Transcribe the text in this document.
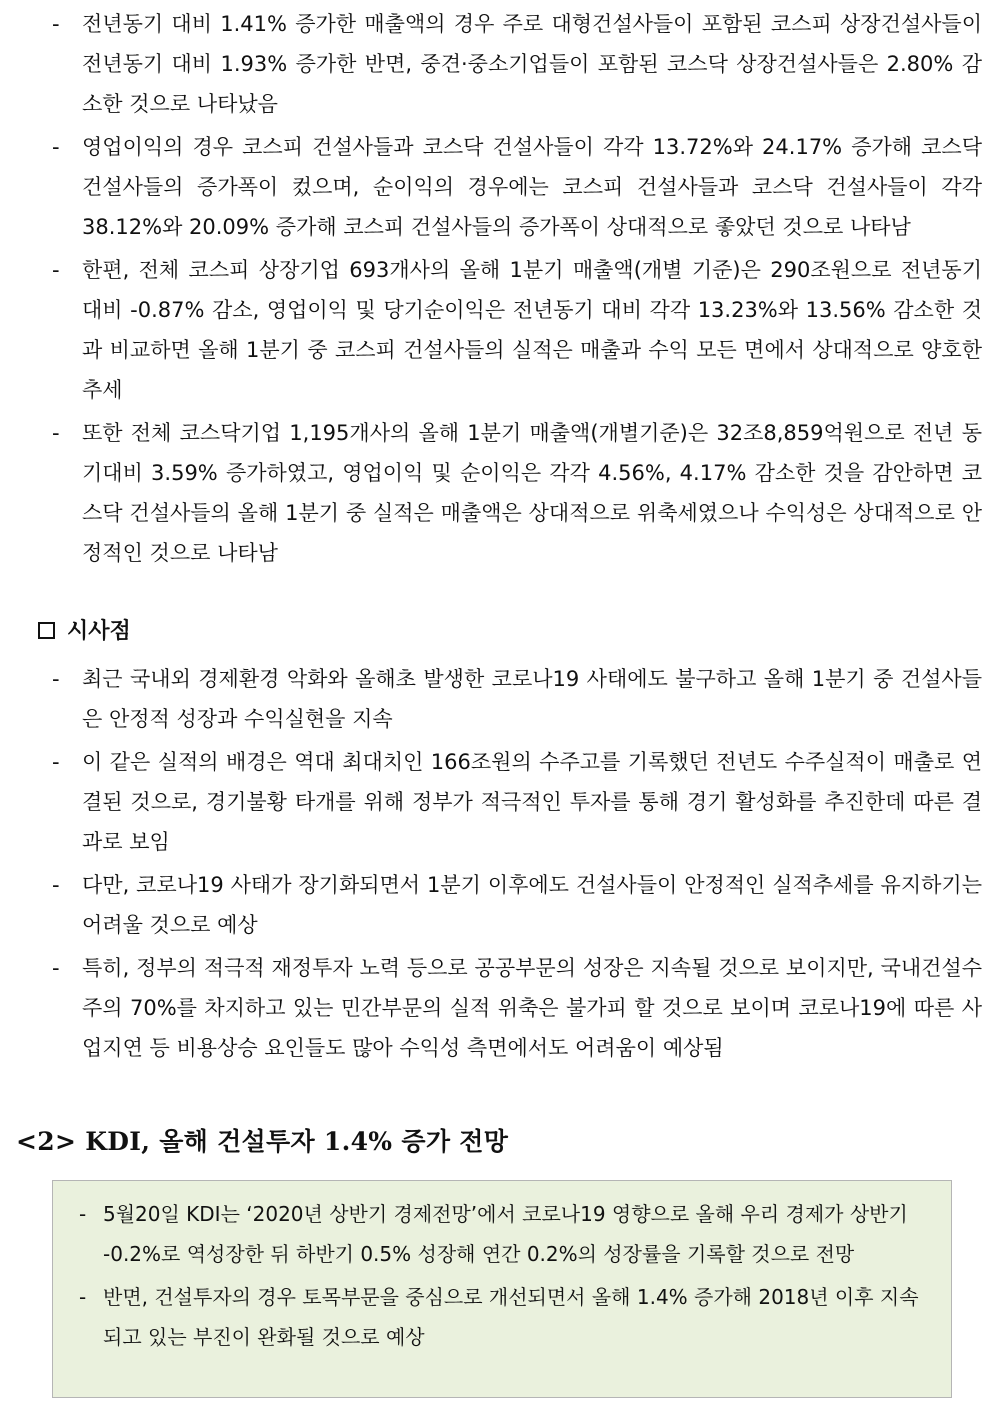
- 전년동기 대비 1.41% 증가한 매출액의 경우 주로 대형건설사들이 포함된 코스피 상장건설사들이 전년동기 대비 1.93% 증가한 반면, 중견·중소기업들이 포함된 코스닥 상장건설사들은 2.80% 감소한 것으로 나타났음
- 영업이익의 경우 코스피 건설사들과 코스닥 건설사들이 각각 13.72%와 24.17% 증가해 코스닥 건설사들의 증가폭이 컸으며, 순이익의 경우에는 코스피 건설사들과 코스닥 건설사들이 각각 38.12%와 20.09% 증가해 코스피 건설사들의 증가폭이 상대적으로 좋았던 것으로 나타남
- 한편, 전체 코스피 상장기업 693개사의 올해 1분기 매출액(개별 기준)은 290조원으로 전년동기 대비 -0.87% 감소, 영업이익 및 당기순이익은 전년동기 대비 각각 13.23%와 13.56% 감소한 것과 비교하면 올해 1분기 중 코스피 건설사들의 실적은 매출과 수익 모든 면에서 상대적으로 양호한 추세
- 또한 전체 코스닥기업 1,195개사의 올해 1분기 매출액(개별기준)은 32조8,859억원으로 전년 동기대비 3.59% 증가하였고, 영업이익 및 순이익은 각각 4.56%, 4.17% 감소한 것을 감안하면 코스닥 건설사들의 올해 1분기 중 실적은 매출액은 상대적으로 위축세였으나 수익성은 상대적으로 안정적인 것으로 나타남
시사점
- 최근 국내외 경제환경 악화와 올해초 발생한 코로나19 사태에도 불구하고 올해 1분기 중 건설사들은 안정적 성장과 수익실현을 지속
- 이 같은 실적의 배경은 역대 최대치인 166조원의 수주고를 기록했던 전년도 수주실적이 매출로 연결된 것으로, 경기불황 타개를 위해 정부가 적극적인 투자를 통해 경기 활성화를 추진한데 따른 결과로 보임
- 다만, 코로나19 사태가 장기화되면서 1분기 이후에도 건설사들이 안정적인 실적추세를 유지하기는 어려울 것으로 예상
- 특히, 정부의 적극적 재정투자 노력 등으로 공공부문의 성장은 지속될 것으로 보이지만, 국내건설수주의 70%를 차지하고 있는 민간부문의 실적 위축은 불가피 할 것으로 보이며 코로나19에 따른 사업지연 등 비용상승 요인들도 많아 수익성 측면에서도 어려움이 예상됨
<2> KDI, 올해 건설투자 1.4% 증가 전망
- 5월20일 KDI는 ‘2020년 상반기 경제전망’에서 코로나19 영향으로 올해 우리 경제가 상반기 -0.2%로 역성장한 뒤 하반기 0.5% 성장해 연간 0.2%의 성장률을 기록할 것으로 전망
- 반면, 건설투자의 경우 토목부문을 중심으로 개선되면서 올해 1.4% 증가해 2018년 이후 지속되고 있는 부진이 완화될 것으로 예상
